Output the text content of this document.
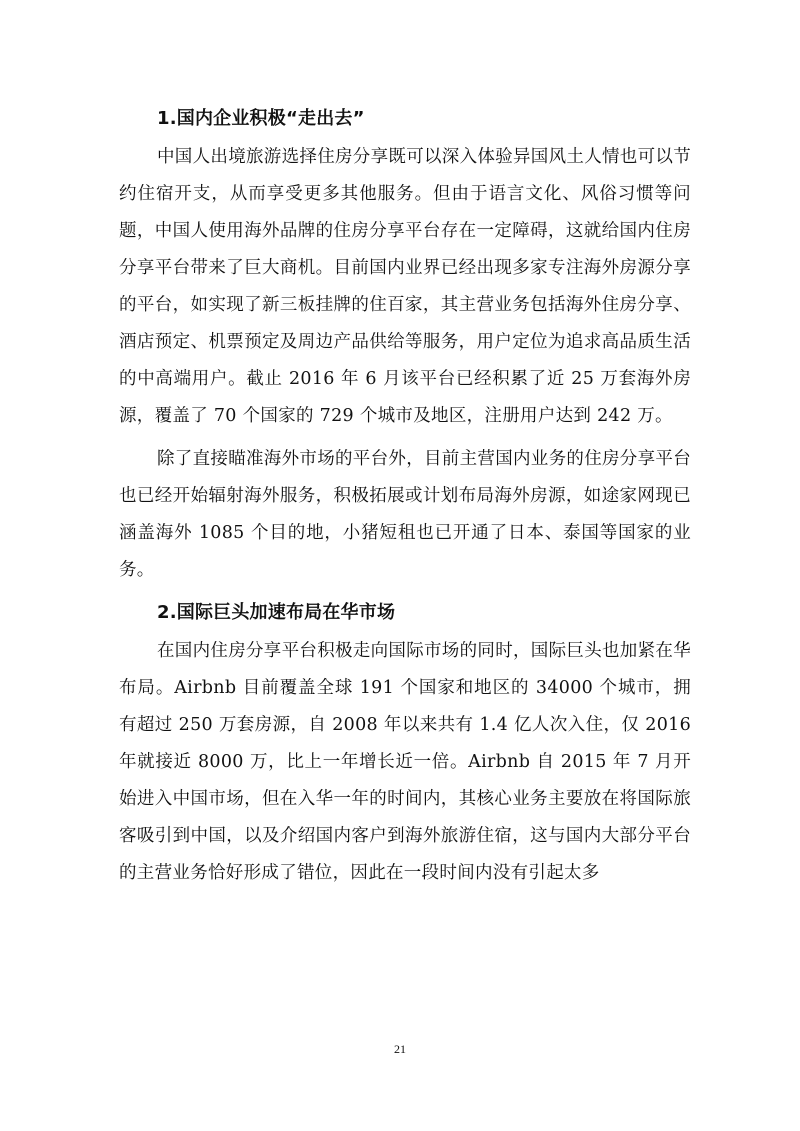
1.国内企业积极“走出去”

中国人出境旅游选择住房分享既可以深入体验异国风土人情也可以节约住宿开支，从而享受更多其他服务。但由于语言文化、风俗习惯等问题，中国人使用海外品牌的住房分享平台存在一定障碍，这就给国内住房分享平台带来了巨大商机。目前国内业界已经出现多家专注海外房源分享的平台，如实现了新三板挂牌的住百家，其主营业务包括海外住房分享、酒店预定、机票预定及周边产品供给等服务，用户定位为追求高品质生活的中高端用户。截止 2016 年 6 月该平台已经积累了近 25 万套海外房源，覆盖了 70 个国家的 729 个城市及地区，注册用户达到 242 万。

除了直接瞄准海外市场的平台外，目前主营国内业务的住房分享平台也已经开始辐射海外服务，积极拓展或计划布局海外房源，如途家网现已涵盖海外 1085 个目的地，小猪短租也已开通了日本、泰国等国家的业务。

2.国际巨头加速布局在华市场

在国内住房分享平台积极走向国际市场的同时，国际巨头也加紧在华布局。Airbnb 目前覆盖全球 191 个国家和地区的 34000 个城市，拥有超过 250 万套房源，自 2008 年以来共有 1.4 亿人次入住，仅 2016 年就接近 8000 万，比上一年增长近一倍。Airbnb 自 2015 年 7 月开始进入中国市场，但在入华一年的时间内，其核心业务主要放在将国际旅客吸引到中国，以及介绍国内客户到海外旅游住宿，这与国内大部分平台的主营业务恰好形成了错位，因此在一段时间内没有引起太多

21
